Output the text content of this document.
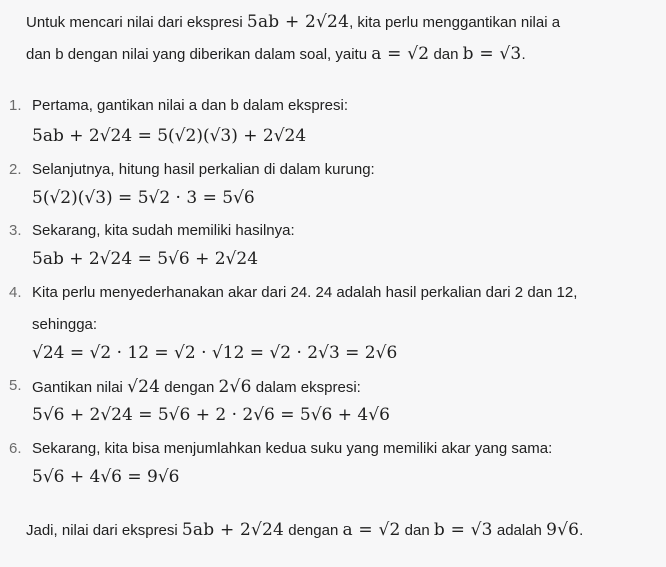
Untuk mencari nilai dari ekspresi 5ab + 2√24, kita perlu menggantikan nilai a
dan b dengan nilai yang diberikan dalam soal, yaitu a = √2 dan b = √3.
1. Pertama, gantikan nilai a dan b dalam ekspresi:
5ab + 2√24 = 5(√2)(√3) + 2√24
2. Selanjutnya, hitung hasil perkalian di dalam kurung:
5(√2)(√3) = 5√2 · 3 = 5√6
3. Sekarang, kita sudah memiliki hasilnya:
5ab + 2√24 = 5√6 + 2√24
4. Kita perlu menyederhanakan akar dari 24. 24 adalah hasil perkalian dari 2 dan 12,
sehingga:
√24 = √2 · 12 = √2 · √12 = √2 · 2√3 = 2√6
5. Gantikan nilai √24 dengan 2√6 dalam ekspresi:
5√6 + 2√24 = 5√6 + 2 · 2√6 = 5√6 + 4√6
6. Sekarang, kita bisa menjumlahkan kedua suku yang memiliki akar yang sama:
5√6 + 4√6 = 9√6
Jadi, nilai dari ekspresi 5ab + 2√24 dengan a = √2 dan b = √3 adalah 9√6.
